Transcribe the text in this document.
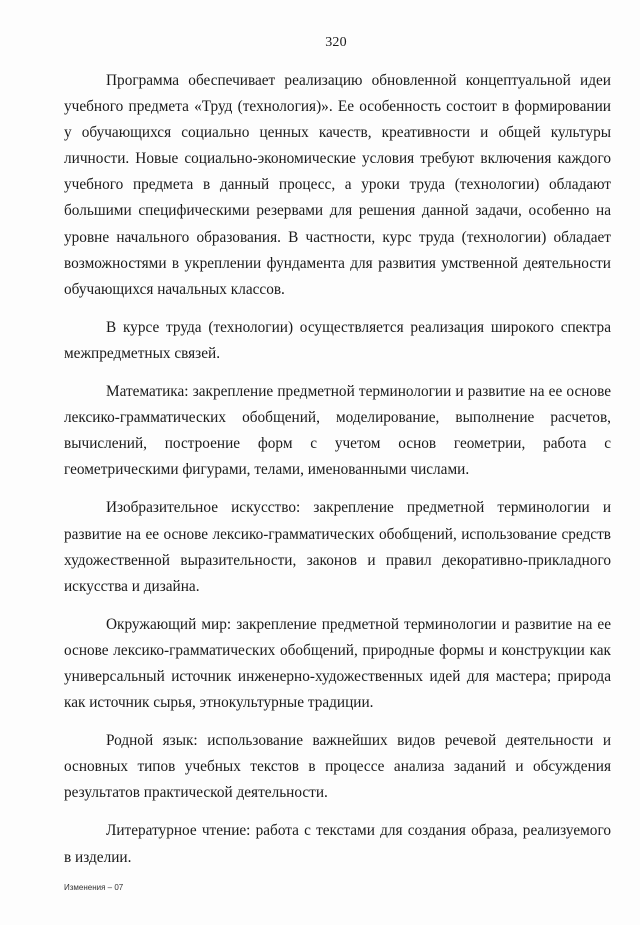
320

Программа обеспечивает реализацию обновленной концептуальной идеи учебного предмета «Труд (технология)». Ее особенность состоит в формировании у обучающихся социально ценных качеств, креативности и общей культуры личности. Новые социально-экономические условия требуют включения каждого учебного предмета в данный процесс, а уроки труда (технологии) обладают большими специфическими резервами для решения данной задачи, особенно на уровне начального образования. В частности, курс труда (технологии) обладает возможностями в укреплении фундамента для развития умственной деятельности обучающихся начальных классов.

В курсе труда (технологии) осуществляется реализация широкого спектра межпредметных связей.

Математика: закрепление предметной терминологии и развитие на ее основе лексико-грамматических обобщений, моделирование, выполнение расчетов, вычислений, построение форм с учетом основ геометрии, работа с геометрическими фигурами, телами, именованными числами.

Изобразительное искусство: закрепление предметной терминологии и развитие на ее основе лексико-грамматических обобщений, использование средств художественной выразительности, законов и правил декоративно-прикладного искусства и дизайна.

Окружающий мир: закрепление предметной терминологии и развитие на ее основе лексико-грамматических обобщений, природные формы и конструкции как универсальный источник инженерно-художественных идей для мастера; природа как источник сырья, этнокультурные традиции.

Родной язык: использование важнейших видов речевой деятельности и основных типов учебных текстов в процессе анализа заданий и обсуждения результатов практической деятельности.

Литературное чтение: работа с текстами для создания образа, реализуемого в изделии.

Изменения – 07
